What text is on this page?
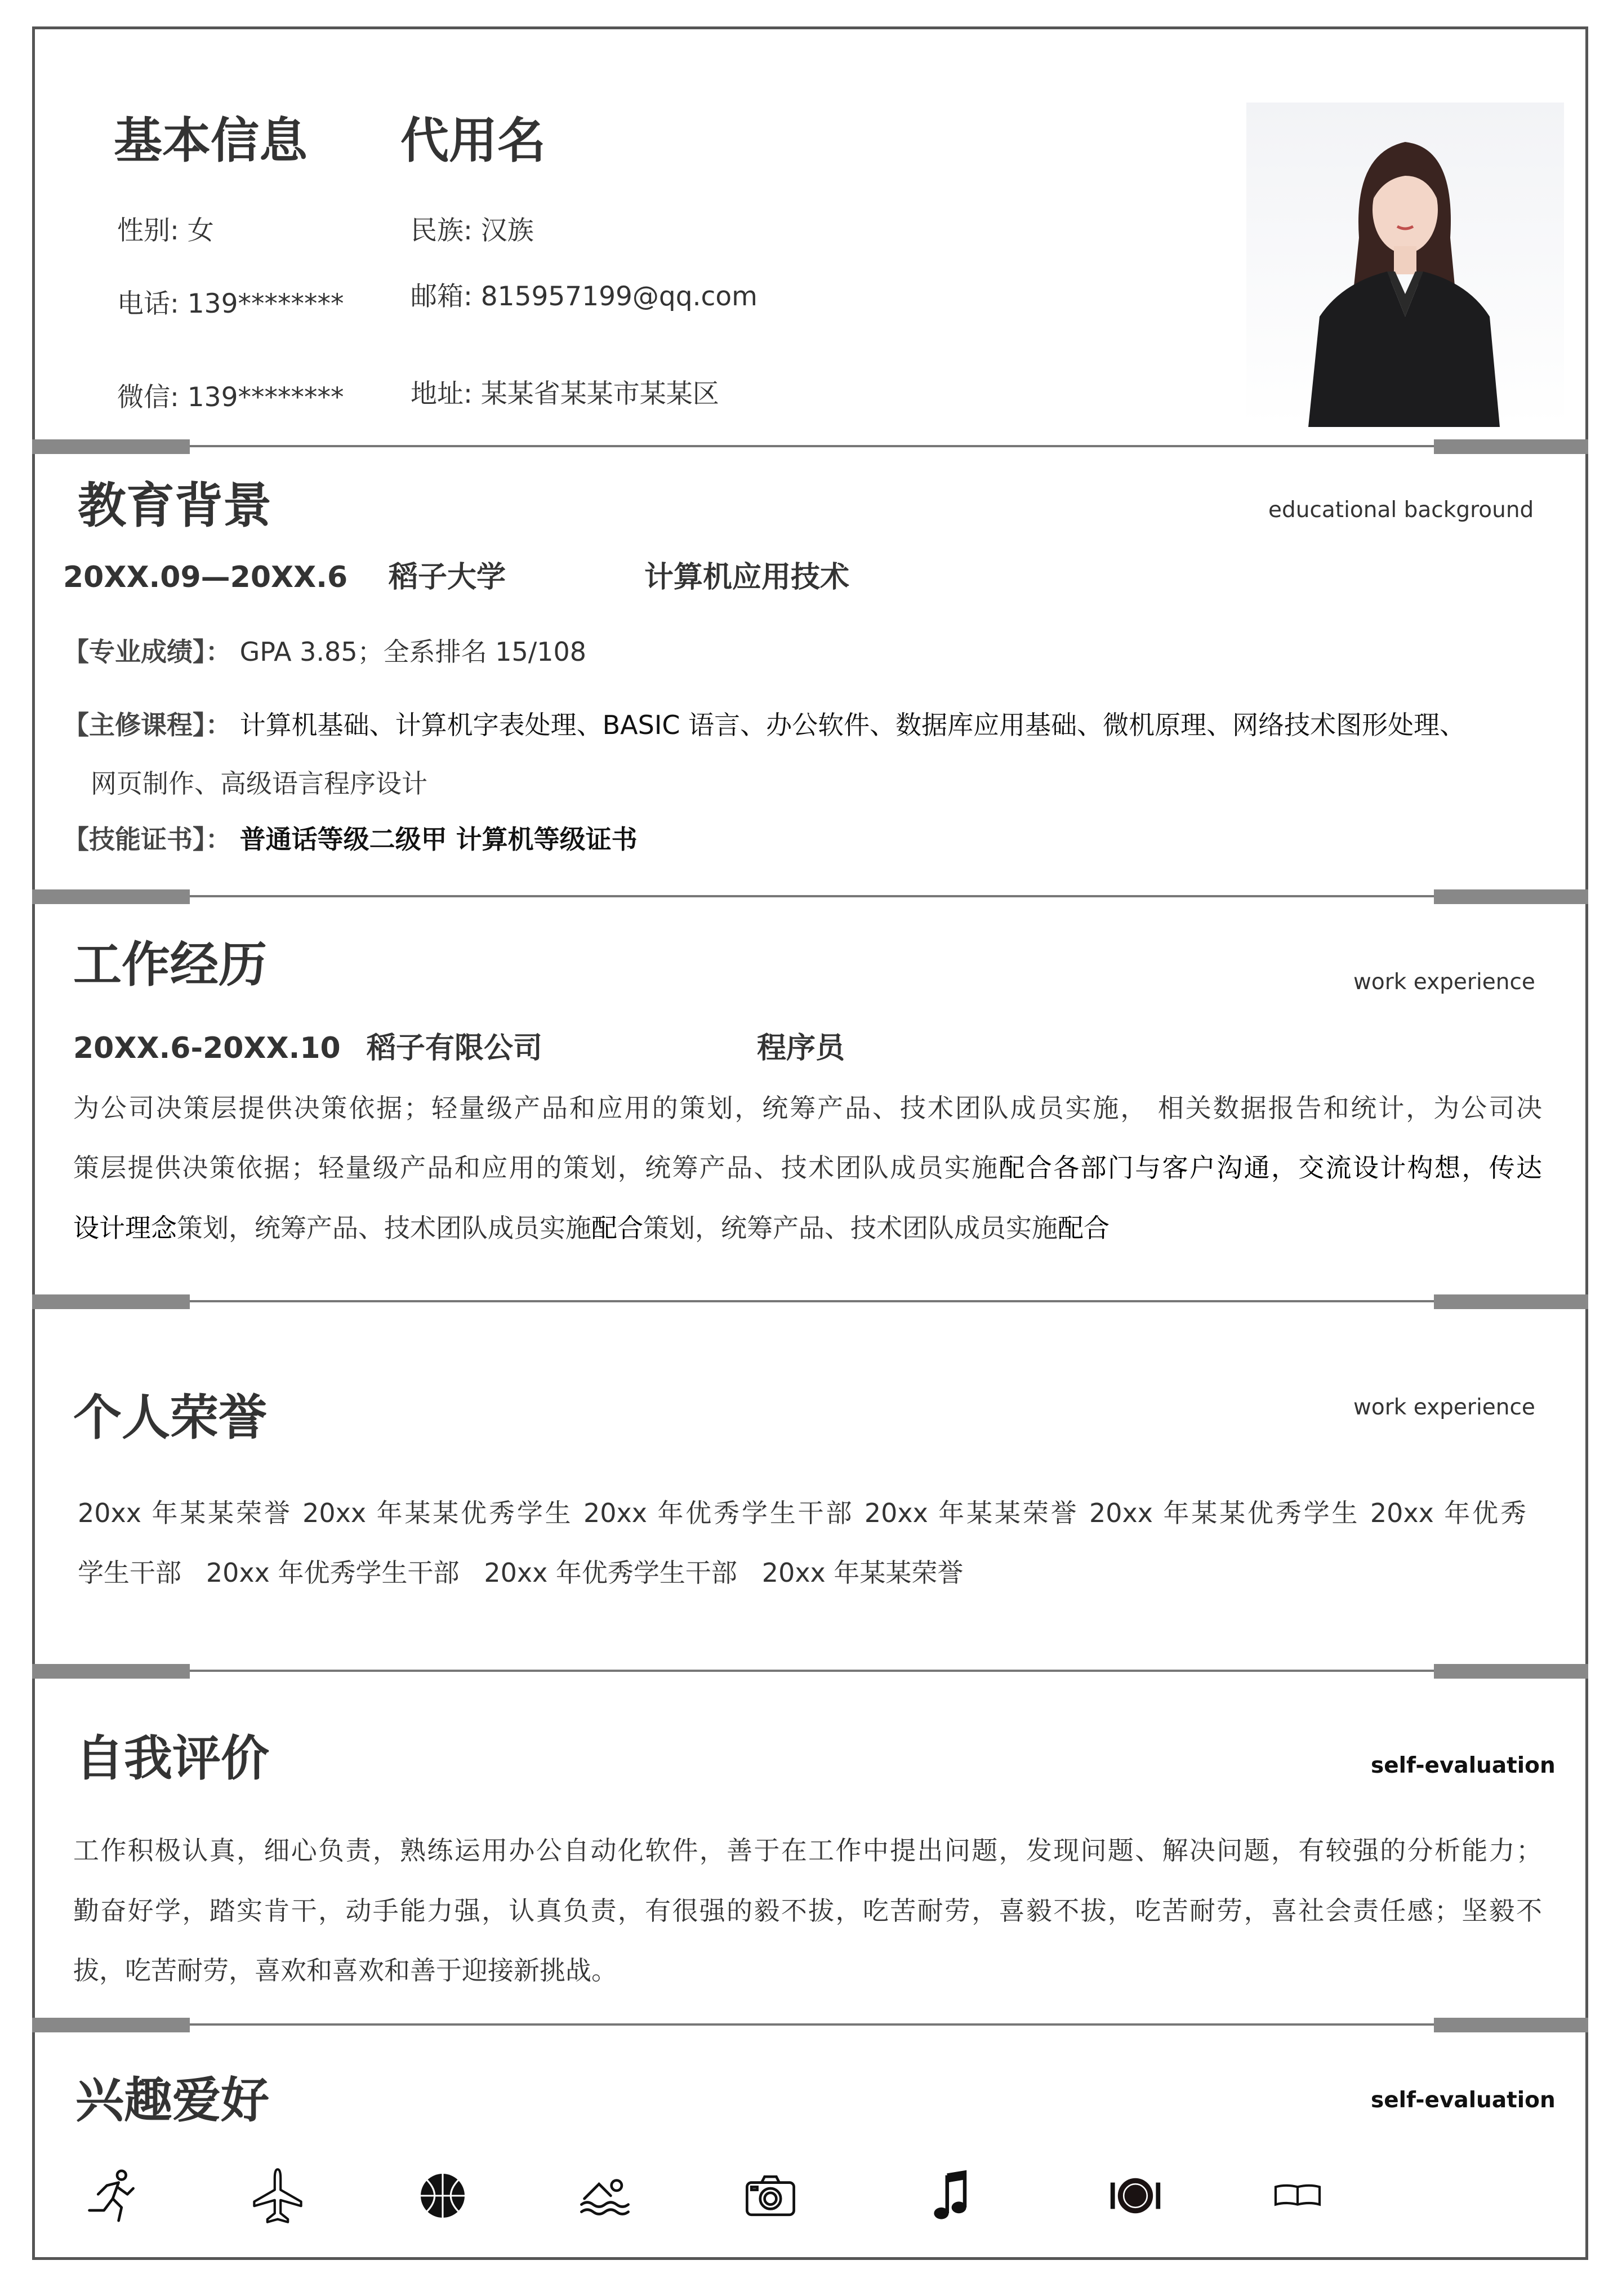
基本信息 代用名
性别: 女	民族: 汉族
电话: 139********	邮箱: 815957199@qq.com
微信: 139********	地址: 某某省某某市某某区
教育背景	educational background
20XX.09—20XX.6 稻子大学	计算机应用技术
【专业成绩】： GPA 3.85；全系排名 15/108
【主修课程】： 计算机基础、计算机字表处理、BASIC 语言、办公软件、数据库应用基础、微机原理、网络技术图形处理、
网页制作、高级语言程序设计
【技能证书】： 普通话等级二级甲 计算机等级证书
工作经历	work experience
20XX.6-20XX.10 稻子有限公司	程序员
为公司决策层提供决策依据；轻量级产品和应用的策划，统筹产品、技术团队成员实施， 相关数据报告和统计，为公司决
策层提供决策依据；轻量级产品和应用的策划，统筹产品、技术团队成员实施配合各部门与客户沟通，交流设计构想，传达
设计理念策划，统筹产品、技术团队成员实施配合策划，统筹产品、技术团队成员实施配合
个人荣誉	work experience
20xx 年某某荣誉 20xx 年某某优秀学生 20xx 年优秀学生干部 20xx 年某某荣誉 20xx 年某某优秀学生 20xx 年优秀
学生干部   20xx 年优秀学生干部   20xx 年优秀学生干部   20xx 年某某荣誉
自我评价	self-evaluation
工作积极认真，细心负责，熟练运用办公自动化软件，善于在工作中提出问题，发现问题、解决问题，有较强的分析能力；
勤奋好学，踏实肯干，动手能力强，认真负责，有很强的毅不拔，吃苦耐劳，喜毅不拔，吃苦耐劳，喜社会责任感；坚毅不
拔，吃苦耐劳，喜欢和喜欢和善于迎接新挑战。
兴趣爱好	self-evaluation
